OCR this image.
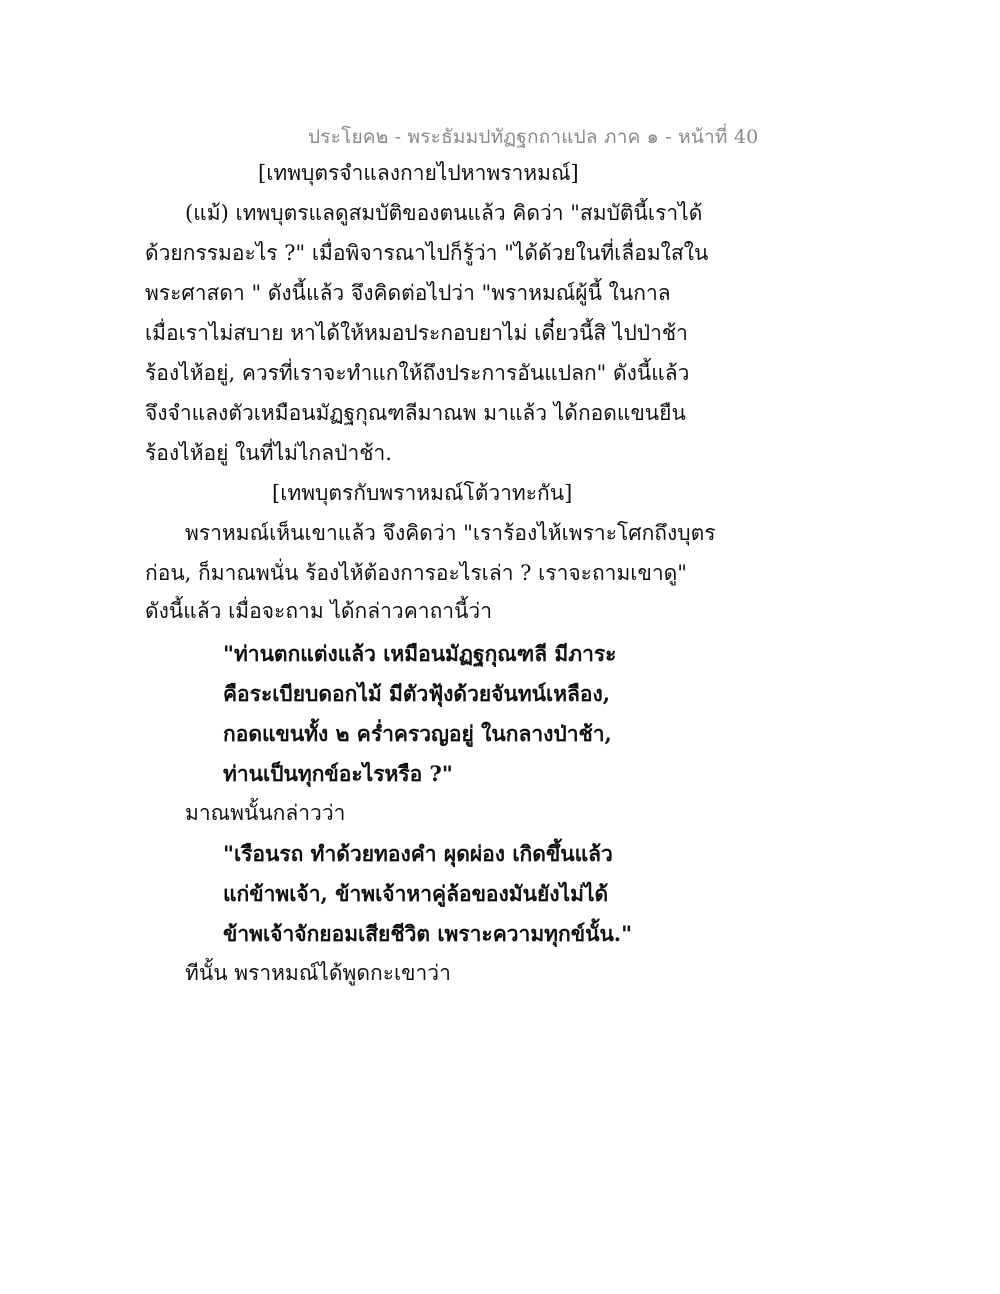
ประโยค๒ - พระธัมมปทัฏฐกถาแปล ภาค ๑ - หน้าที่ 40
[เทพบุตรจำแลงกายไปหาพราหมณ์]
(แม้) เทพบุตรแลดูสมบัติของตนแล้ว คิดว่า "สมบัตินี้เราได้
ด้วยกรรมอะไร ?" เมื่อพิจารณาไปก็รู้ว่า "ได้ด้วยในที่เลื่อมใสใน
พระศาสดา " ดังนี้แล้ว จึงคิดต่อไปว่า "พราหมณ์ผู้นี้ ในกาล
เมื่อเราไม่สบาย หาได้ให้หมอประกอบยาไม่ เดี๋ยวนี้สิ ไปป่าช้า
ร้องไห้อยู่, ควรที่เราจะทำแกให้ถึงประการอันแปลก" ดังนี้แล้ว
จึงจำแลงตัวเหมือนมัฏฐกุณฑลีมาณพ มาแล้ว ได้กอดแขนยืน
ร้องไห้อยู่ ในที่ไม่ไกลป่าช้า.
[เทพบุตรกับพราหมณ์โต้วาทะกัน]
พราหมณ์เห็นเขาแล้ว จึงคิดว่า "เราร้องไห้เพราะโศกถึงบุตร
ก่อน, ก็มาณพนั่น ร้องไห้ต้องการอะไรเล่า ? เราจะถามเขาดู"
ดังนี้แล้ว เมื่อจะถาม ได้กล่าวคาถานี้ว่า
"ท่านตกแต่งแล้ว เหมือนมัฏฐกุณฑลี มีภาระ
คือระเบียบดอกไม้ มีตัวฟุ้งด้วยจันทน์เหลือง,
กอดแขนทั้ง ๒ คร่ำครวญอยู่ ในกลางป่าช้า,
ท่านเป็นทุกข์อะไรหรือ ?"
มาณพนั้นกล่าวว่า
"เรือนรถ ทำด้วยทองคำ ผุดผ่อง เกิดขึ้นแล้ว
แก่ข้าพเจ้า, ข้าพเจ้าหาคู่ล้อของมันยังไม่ได้
ข้าพเจ้าจักยอมเสียชีวิต เพราะความทุกข์นั้น."
ทีนั้น พราหมณ์ได้พูดกะเขาว่า
